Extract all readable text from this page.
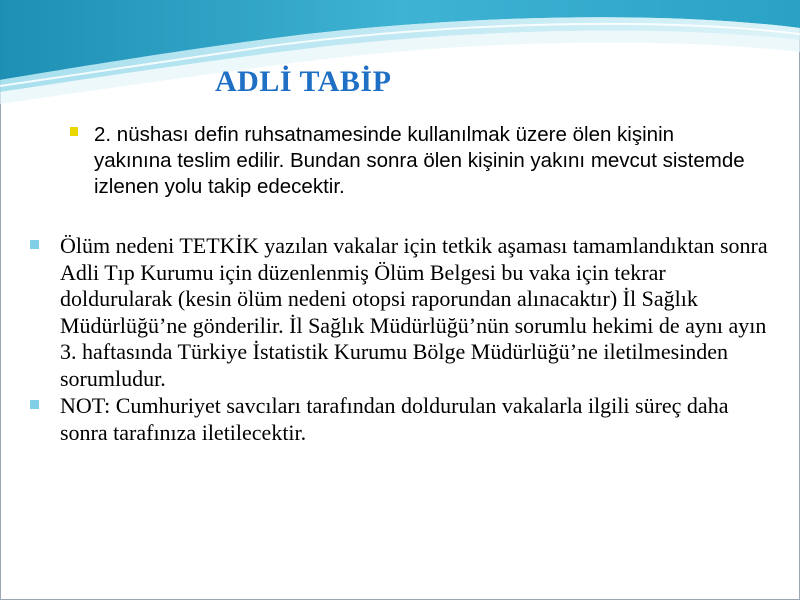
ADLİ TABİP
2. nüshası defin ruhsatnamesinde kullanılmak üzere ölen kişinin yakınına teslim edilir. Bundan sonra ölen kişinin yakını mevcut sistemde izlenen yolu takip edecektir.
Ölüm nedeni TETKİK yazılan vakalar için tetkik aşaması tamamlandıktan sonra Adli Tıp Kurumu için düzenlenmiş Ölüm Belgesi bu vaka için tekrar doldurularak (kesin ölüm nedeni otopsi raporundan alınacaktır) İl Sağlık Müdürlüğü’ne gönderilir. İl Sağlık Müdürlüğü’nün sorumlu hekimi de aynı ayın 3. haftasında Türkiye İstatistik Kurumu Bölge Müdürlüğü’ne iletilmesinden sorumludur.
NOT: Cumhuriyet savcıları tarafından doldurulan vakalarla ilgili süreç daha sonra tarafınıza iletilecektir.
